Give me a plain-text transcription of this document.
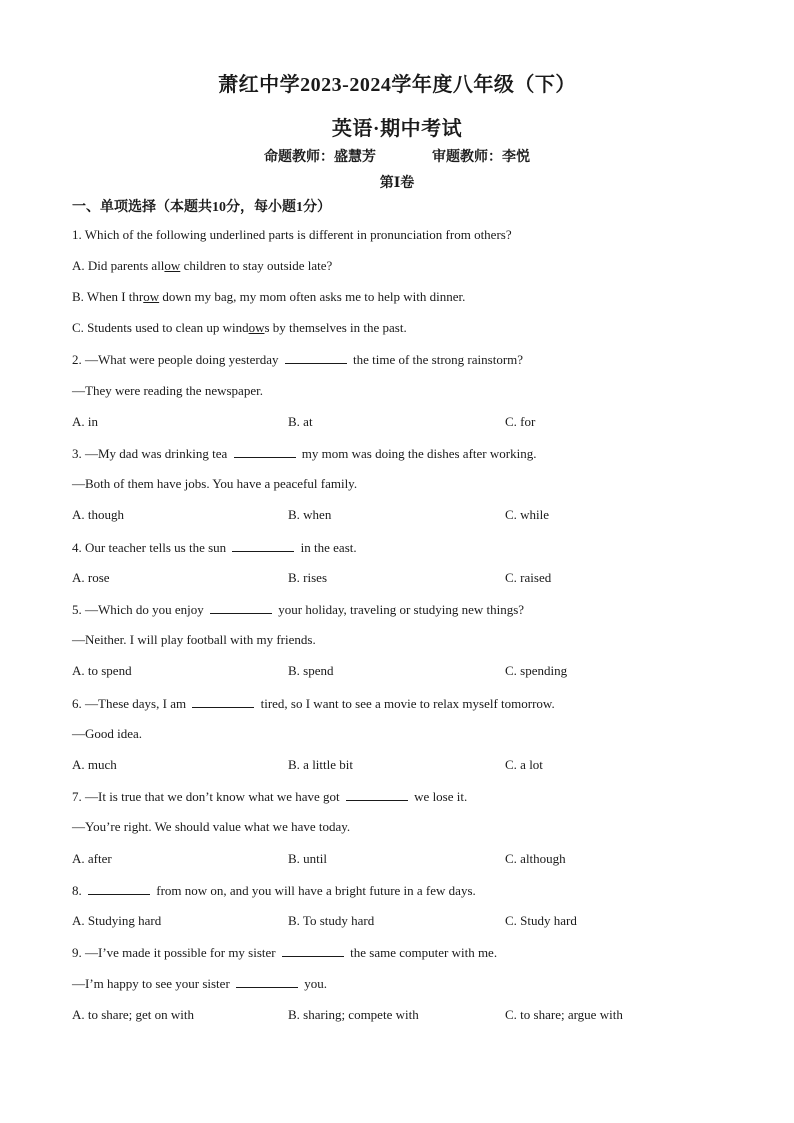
萧红中学2023-2024学年度八年级（下）
英语·期中考试
命题教师：盛慧芳	审题教师：李悦
第Ⅰ卷
一、单项选择（本题共10分，每小题1分）
1. Which of the following underlined parts is different in pronunciation from others?
A. Did parents allow children to stay outside late?
B. When I throw down my bag, my mom often asks me to help with dinner.
C. Students used to clean up windows by themselves in the past.
2. —What were people doing yesterday	the time of the strong rainstorm?
—They were reading the newspaper.
A. in	B. at	C. for
3. —My dad was drinking tea	my mom was doing the dishes after working.
—Both of them have jobs. You have a peaceful family.
A. though	B. when	C. while
4. Our teacher tells us the sun	in the east.
A. rose	B. rises	C. raised
5. —Which do you enjoy	your holiday, traveling or studying new things?
—Neither. I will play football with my friends.
A. to spend	B. spend	C. spending
6. —These days, I am	tired, so I want to see a movie to relax myself tomorrow.
—Good idea.
A. much	B. a little bit	C. a lot
7. —It is true that we don’t know what we have got	we lose it.
—You’re right. We should value what we have today.
A. after	B. until	C. although
8.	from now on, and you will have a bright future in a few days.
A. Studying hard	B. To study hard	C. Study hard
9. —I’ve made it possible for my sister	the same computer with me.
—I’m happy to see your sister	you.
A. to share; get on with	B. sharing; compete with	C. to share; argue with
